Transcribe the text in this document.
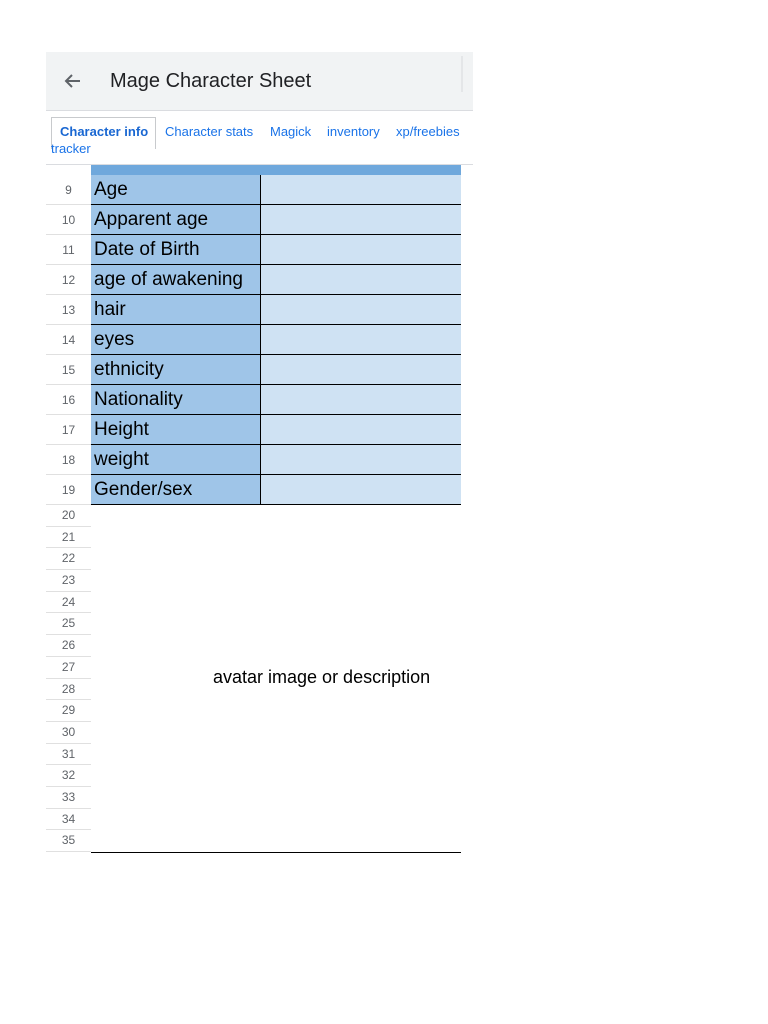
Mage Character Sheet
Character info	Character stats Magick inventory xp/freebies
tracker
9	Age
10 Apparent age
11	Date of Birth
12 age of awakening
13 hair
14 eyes
15 ethnicity
16 Nationality
17 Height
18 weight
19 Gender/sex
20
21
22
23
24
25
26
27
28
29
30
31
32
33
34
35
avatar image or description
